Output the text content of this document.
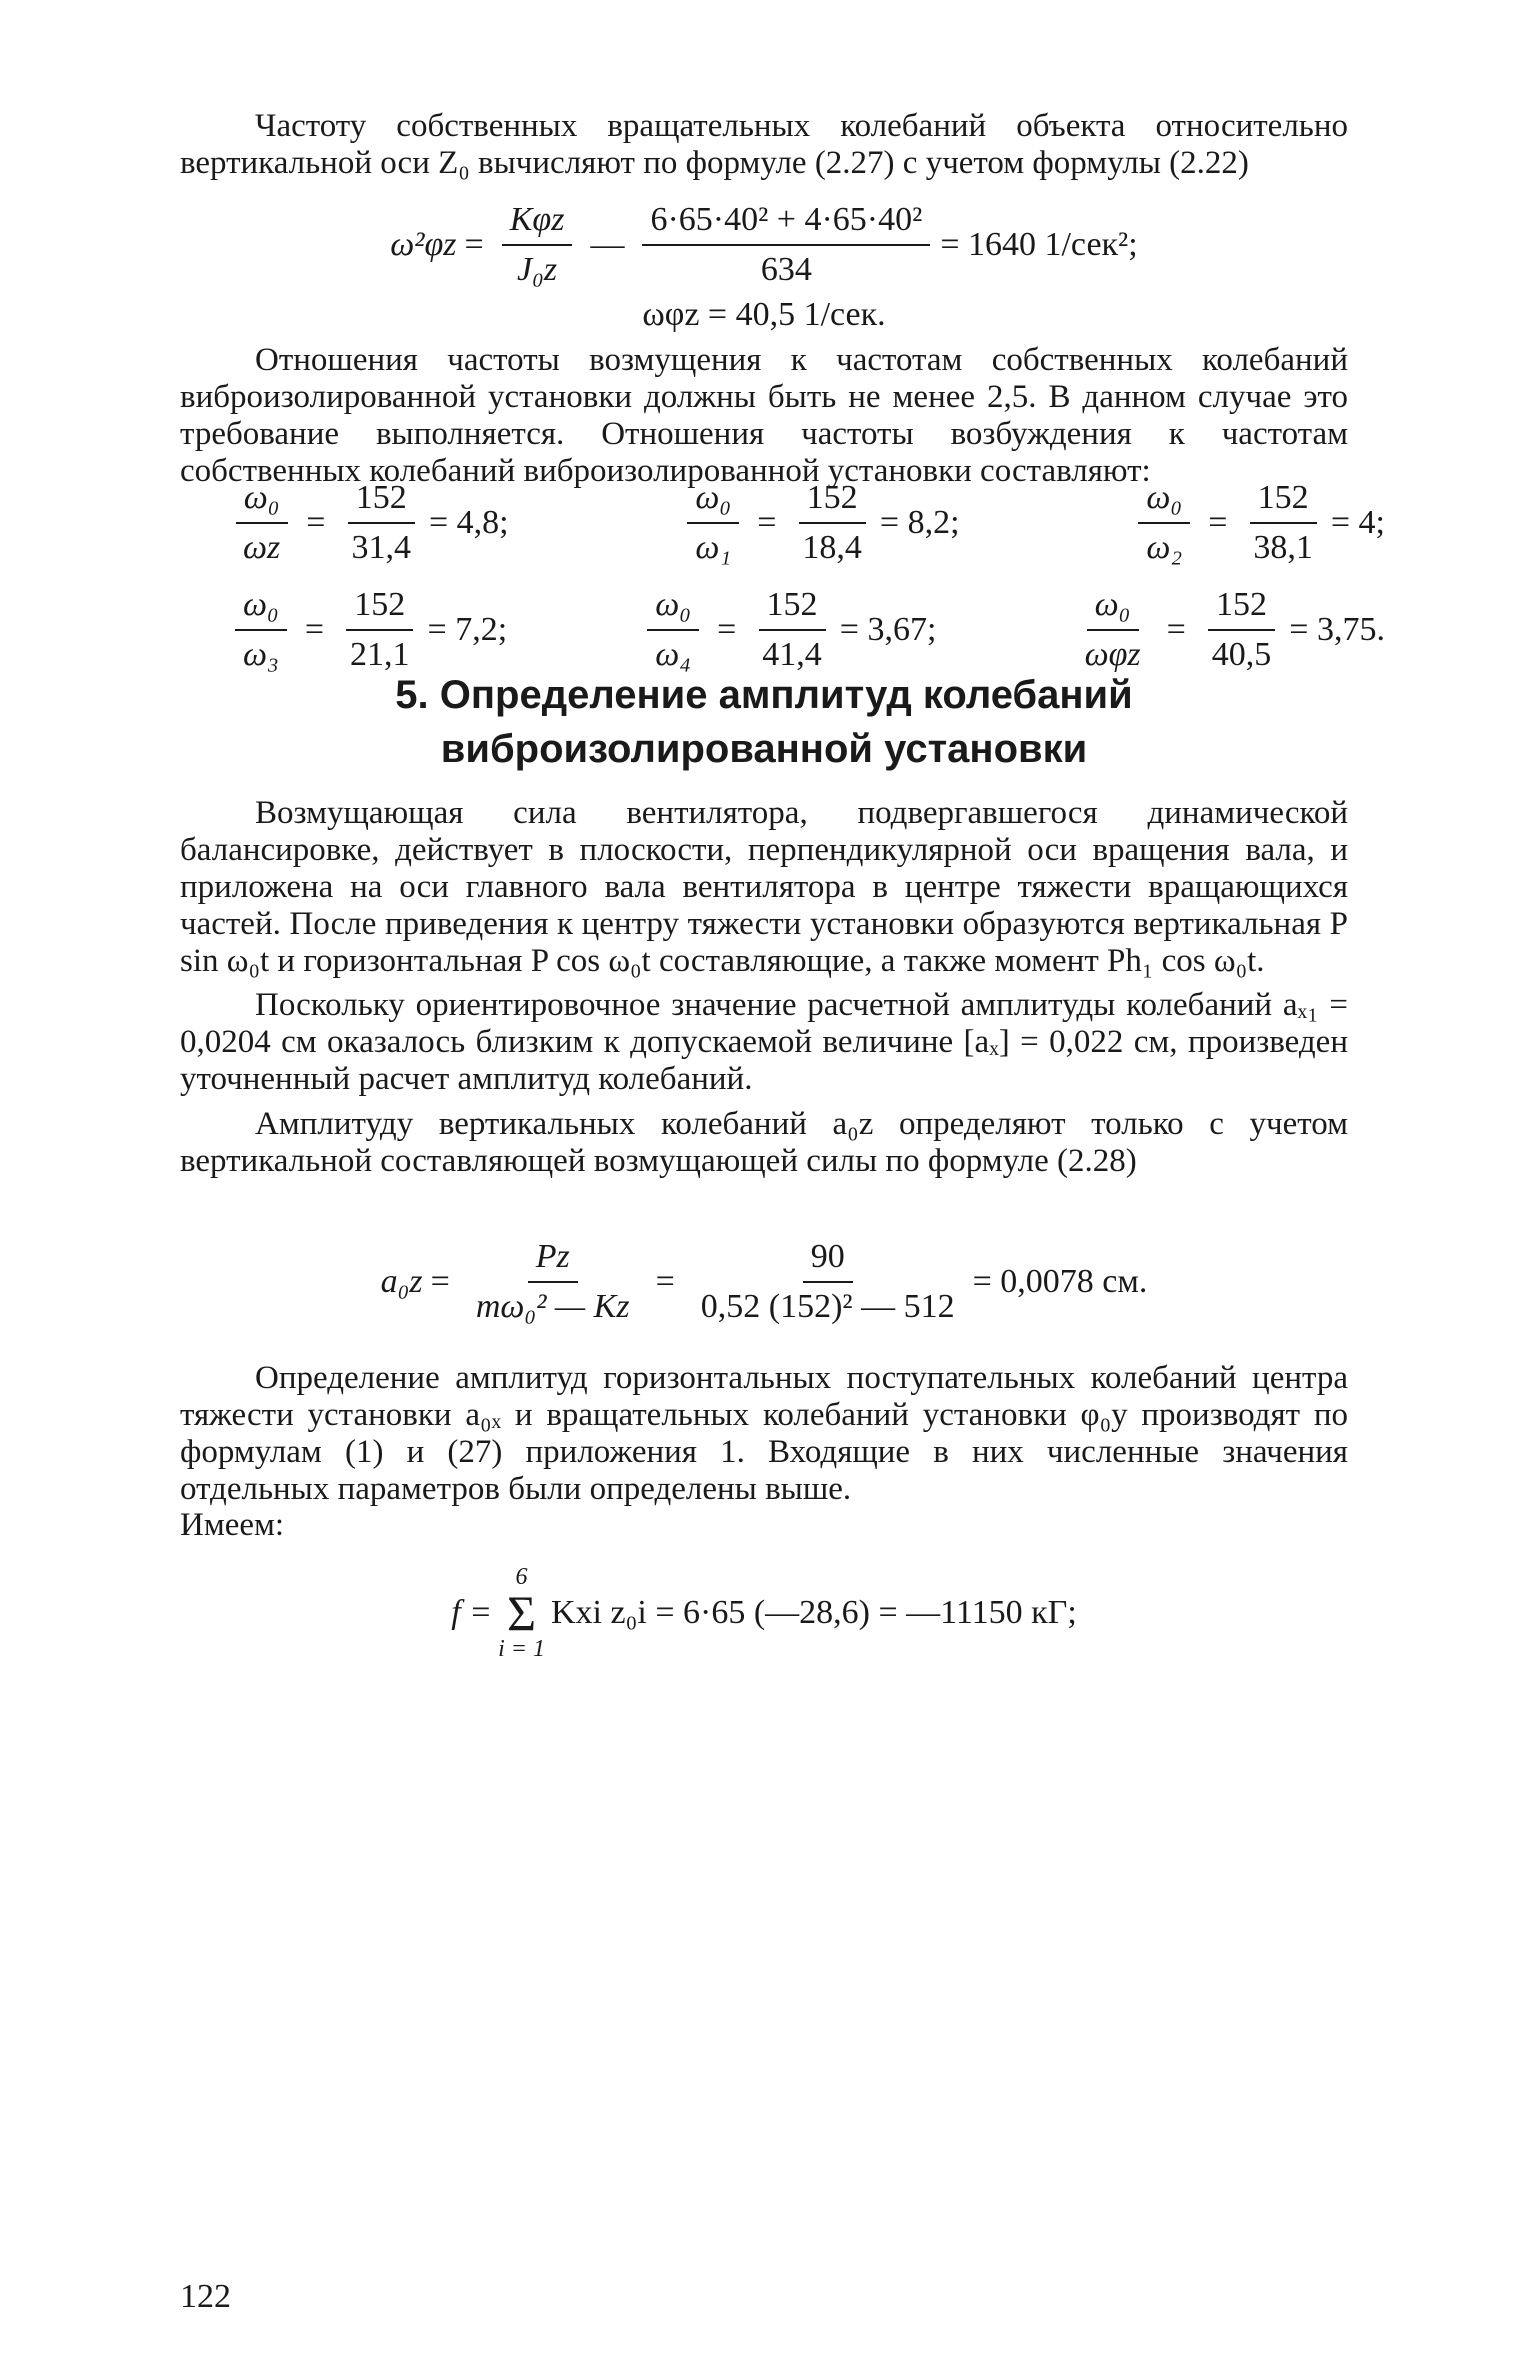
Частоту собственных вращательных колебаний объекта относительно вертикальной оси Z₀ вычисляют по формуле (2.27) с учетом формулы (2.22)

$\omega^2\varphi z = \frac{\text{Kφz}}{\text{J₀z}}$ — $\frac{\text{6·65·40² + 4·65·40²}}{634} = 1640$ 1/сек²;
ωφz = 40,5 1/сек.

Отношения частоты возмущения к частотам собственных колебаний виброизолированной установки должны быть не менее 2,5. В данном случае это требование выполняется. Отношения частоты возбуждения к частотам собственных колебаний виброизолированной установки составляют:

$\frac{\text{ω₀}}{\omega z} = \frac{152}{31,4} = 4,8$;	$\frac{\text{ω₀}}{\text{ω₁}} = \frac{152}{18,4} = 8,2$;	$\frac{\text{ω₀}}{\text{ω₂}} = \frac{152}{38,1} = 4$;
$\frac{\text{ω₀}}{\text{ω₃}} = \frac{152}{21,1} = 7,2$;	$\frac{\text{ω₀}}{\text{ω₄}} = \frac{152}{41,4} = 3,67$;	$\frac{\text{ω₀}}{\text{ωφz}} = \frac{152}{40,5} = 3,75$.
5. Определение амплитуд колебаний
виброизолированной установки

Возмущающая сила вентилятора, подвергавшегося динамической балансировке, действует в плоскости, перпендикулярной оси вращения вала, и приложена на оси главного вала вентилятора в центре тяжести вращающихся частей. После приведения к центру тяжести установки образуются вертикальная P sin ω₀t и горизонтальная P cos ω₀t составляющие, а также момент Ph₁ cos ω₀t.

Поскольку ориентировочное значение расчетной амплитуды колебаний aₓ₁ = 0,0204 см оказалось близким к допускаемой величине [aₓ] = 0,022 см, произведен уточненный расчет амплитуд колебаний.

Амплитуду вертикальных колебаний a₀z определяют только с учетом вертикальной составляющей возмущающей силы по формуле (2.28)

$a_0z = \frac{Pz}{\text{mω₀² — Kz}} = \frac{90}{\text{0,52 (152)² — 512}} = 0,0078$ см.

Определение амплитуд горизонтальных поступательных колебаний центра тяжести установки a₀ₓ и вращательных колебаний установки φ₀y производят по формулам (1) и (27) приложения 1. Входящие в них численные значения отдельных параметров были определены выше.

Имеем:

f =
6
Σ
i = 1
Kxi z₀i = 6·65 (—28,6) = —11150 кГ;
122
